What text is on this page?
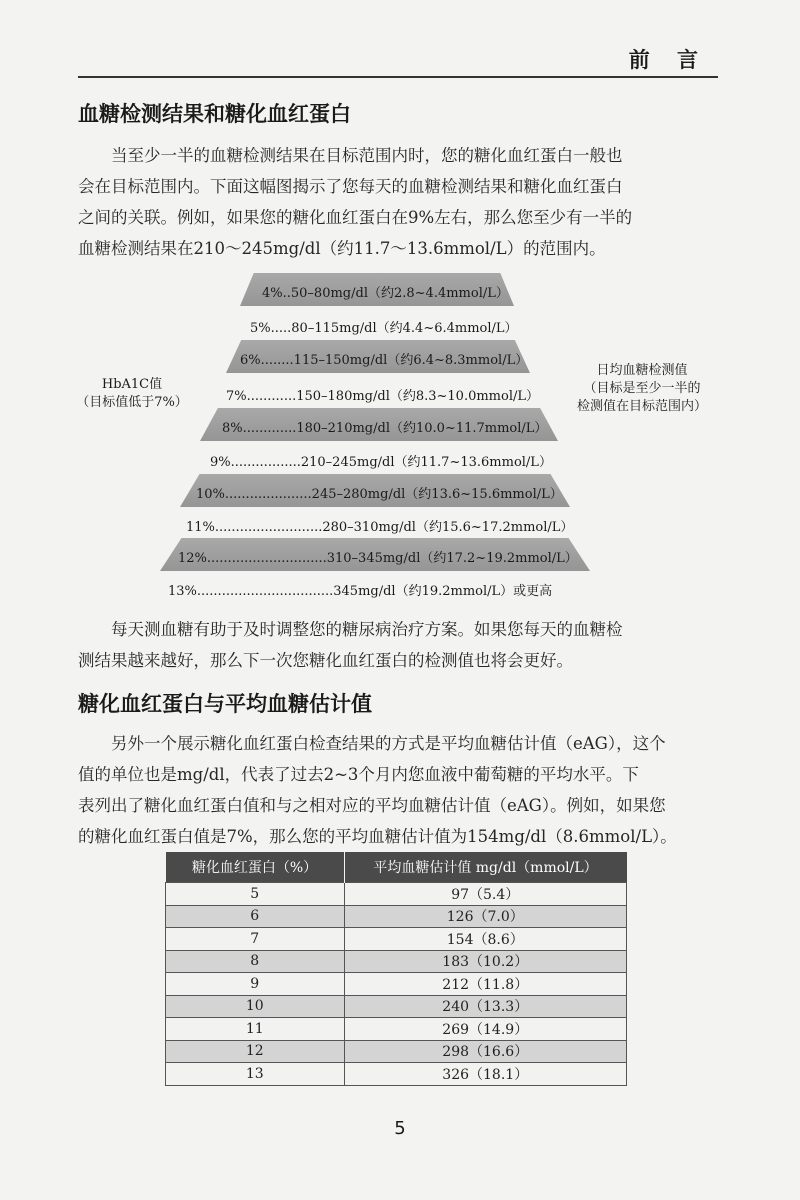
前 言
血糖检测结果和糖化血红蛋白
当至少一半的血糖检测结果在目标范围内时，您的糖化血红蛋白一般也
会在目标范围内。下面这幅图揭示了您每天的血糖检测结果和糖化血红蛋白
之间的关联。例如，如果您的糖化血红蛋白在9%左右，那么您至少有一半的
血糖检测结果在210～245mg/dl（约11.7～13.6mmol/L）的范围内。
4%..50–80mg/dl（约2.8~4.4mmol/L）
5%.....80–115mg/dl（约4.4~6.4mmol/L）
6%........115–150mg/dl（约6.4~8.3mmol/L）
7%............150–180mg/dl（约8.3~10.0mmol/L）
8%.............180–210mg/dl（约10.0~11.7mmol/L）
9%.................210–245mg/dl（约11.7~13.6mmol/L）
10%.....................245–280mg/dl（约13.6~15.6mmol/L）
11%..........................280–310mg/dl（约15.6~17.2mmol/L）
12%.............................310–345mg/dl（约17.2~19.2mmol/L）
13%.................................345mg/dl（约19.2mmol/L）或更高
HbA1C值
（目标值低于7%）
日均血糖检测值
（目标是至少一半的
检测值在目标范围内）
每天测血糖有助于及时调整您的糖尿病治疗方案。如果您每天的血糖检
测结果越来越好，那么下一次您糖化血红蛋白的检测值也将会更好。
糖化血红蛋白与平均血糖估计值
另外一个展示糖化血红蛋白检查结果的方式是平均血糖估计值（eAG），这个
值的单位也是mg/dl，代表了过去2~3个月内您血液中葡萄糖的平均水平。下
表列出了糖化血红蛋白值和与之相对应的平均血糖估计值（eAG）。例如，如果您
的糖化血红蛋白值是7%，那么您的平均血糖估计值为154mg/dl（8.6mmol/L）。
糖化血红蛋白（%）	平均血糖估计值 mg/dl（mmol/L）
5	97（5.4）
6	126（7.0）
7	154（8.6）
8	183（10.2）
9	212（11.8）
10	240（13.3）
11	269（14.9）
12	298（16.6）
13	326（18.1）
5
